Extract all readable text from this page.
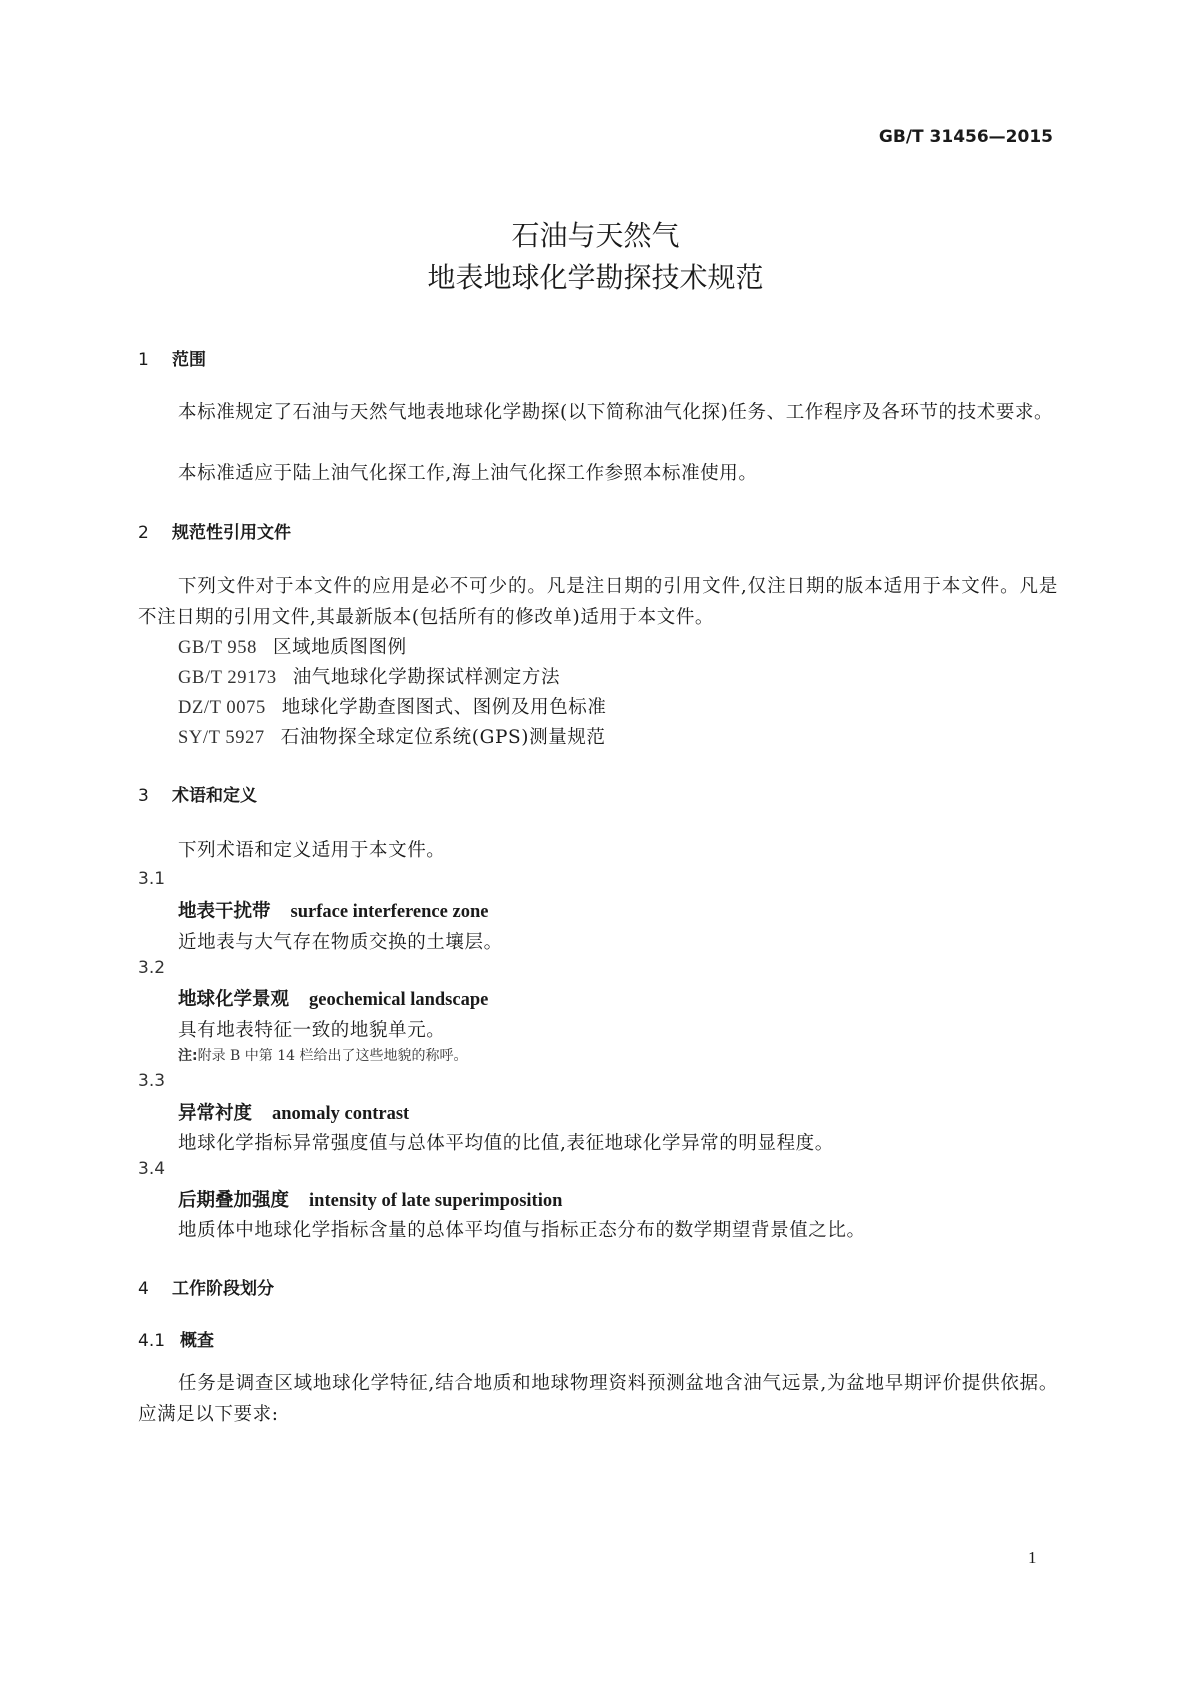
GB/T 31456—2015
石油与天然气
地表地球化学勘探技术规范
1 范围
本标准规定了石油与天然气地表地球化学勘探(以下简称油气化探)任务、工作程序及各环节的技术要求。
本标准适应于陆上油气化探工作,海上油气化探工作参照本标准使用。
2 规范性引用文件
下列文件对于本文件的应用是必不可少的。凡是注日期的引用文件,仅注日期的版本适用于本文件。凡是不注日期的引用文件,其最新版本(包括所有的修改单)适用于本文件。
GB/T 958 区域地质图图例
GB/T 29173 油气地球化学勘探试样测定方法
DZ/T 0075 地球化学勘查图图式、图例及用色标准
SY/T 5927 石油物探全球定位系统(GPS)测量规范
3 术语和定义
下列术语和定义适用于本文件。
3.1
地表干扰带 surface interference zone
近地表与大气存在物质交换的土壤层。
3.2
地球化学景观 geochemical landscape
具有地表特征一致的地貌单元。
注:附录 B 中第 14 栏给出了这些地貌的称呼。
3.3
异常衬度 anomaly contrast
地球化学指标异常强度值与总体平均值的比值,表征地球化学异常的明显程度。
3.4
后期叠加强度 intensity of late superimposition
地质体中地球化学指标含量的总体平均值与指标正态分布的数学期望背景值之比。
4 工作阶段划分
4.1 概查
任务是调查区域地球化学特征,结合地质和地球物理资料预测盆地含油气远景,为盆地早期评价提供依据。应满足以下要求:
1
